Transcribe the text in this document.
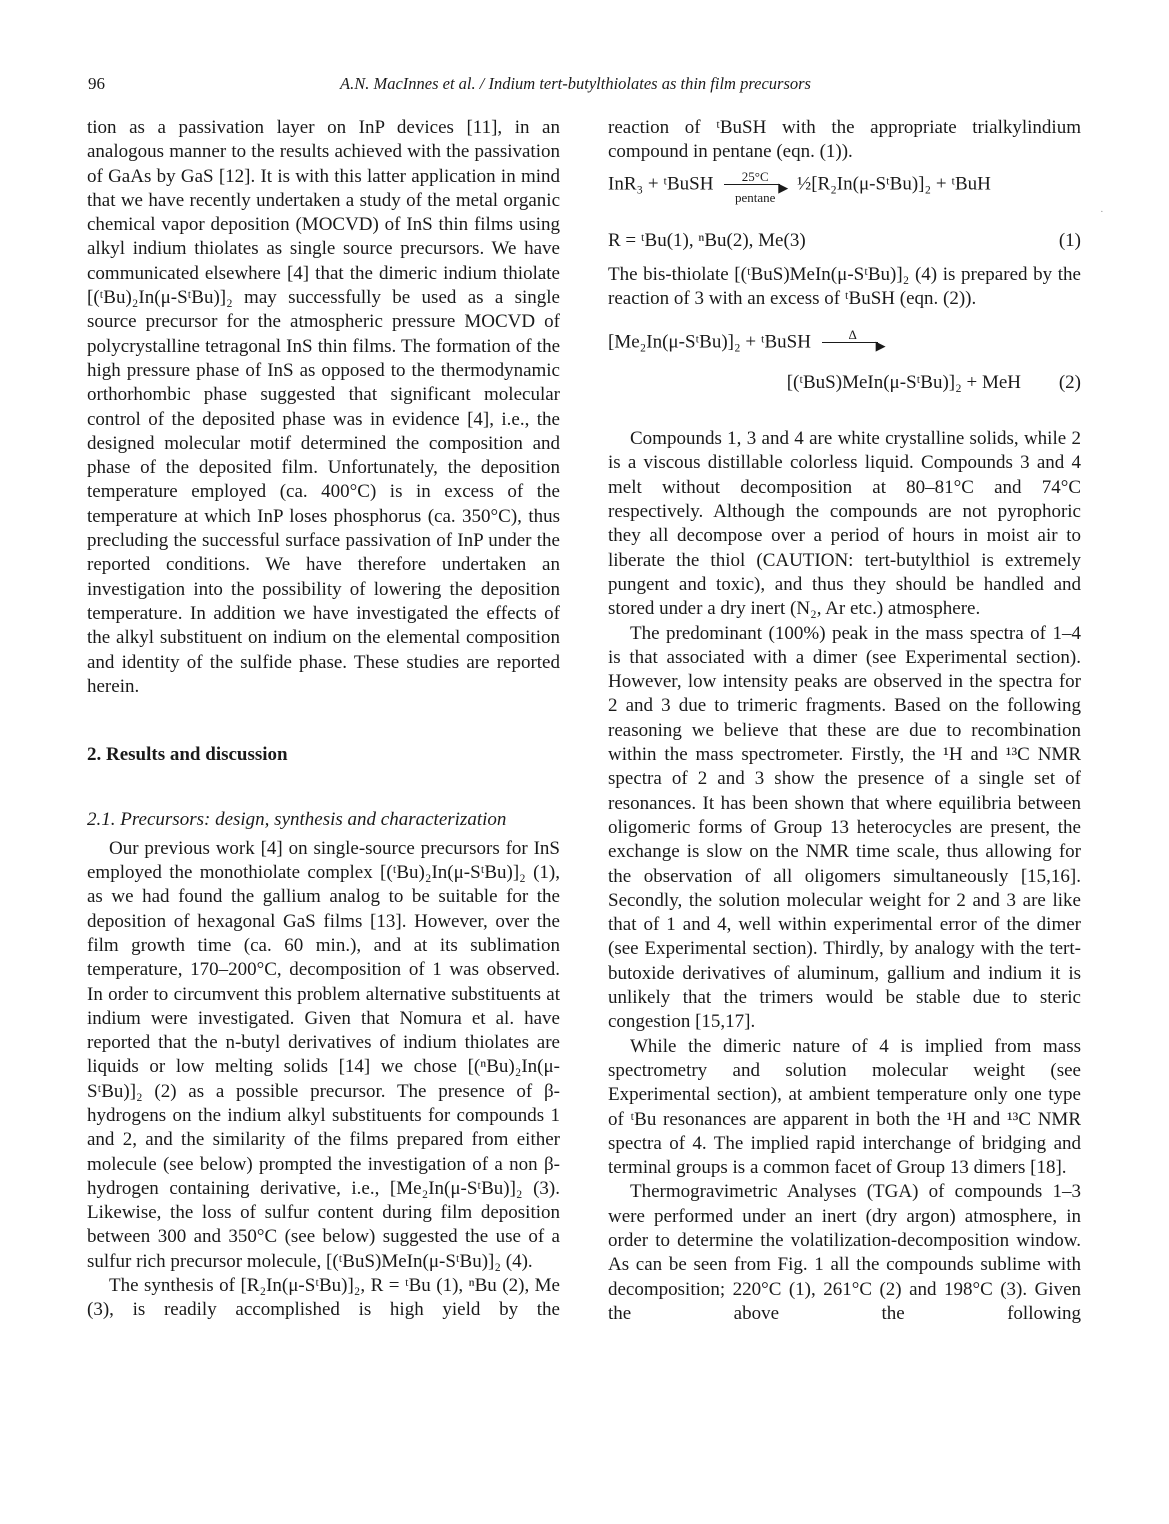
96	A.N. MacInnes et al. / Indium tert-butylthiolates as thin film precursors

tion as a passivation layer on InP devices [11], in an analogous manner to the results achieved with the passivation of GaAs by GaS [12]. It is with this latter application in mind that we have recently undertaken a study of the metal organic chemical vapor deposition (MOCVD) of InS thin films using alkyl indium thiolates as single source precursors. We have communicated elsewhere [4] that the dimeric indium thiolate [(ᵗBu)₂In(μ-SᵗBu)]₂ may successfully be used as a single source precursor for the atmospheric pressure MOCVD of polycrystalline tetragonal InS thin films. The formation of the high pressure phase of InS as opposed to the thermodynamic orthorhombic phase suggested that significant molecular control of the deposited phase was in evidence [4], i.e., the designed molecular motif determined the composition and phase of the deposited film. Unfortunately, the deposition temperature employed (ca. 400°C) is in excess of the temperature at which InP loses phosphorus (ca. 350°C), thus precluding the successful surface passivation of InP under the reported conditions. We have therefore undertaken an investigation into the possibility of lowering the deposition temperature. In addition we have investigated the effects of the alkyl substituent on indium on the elemental composition and identity of the sulfide phase. These studies are reported herein.

2. Results and discussion

2.1. Precursors: design, synthesis and characterization

Our previous work [4] on single-source precursors for InS employed the monothiolate complex [(ᵗBu)₂In(μ-SᵗBu)]₂ (1), as we had found the gallium analog to be suitable for the deposition of hexagonal GaS films [13]. However, over the film growth time (ca. 60 min.), and at its sublimation temperature, 170–200°C, decomposition of 1 was observed. In order to circumvent this problem alternative substituents at indium were investigated. Given that Nomura et al. have reported that the n-butyl derivatives of indium thiolates are liquids or low melting solids [14] we chose [(ⁿBu)₂In(μ-SᵗBu)]₂ (2) as a possible precursor. The presence of β-hydrogens on the indium alkyl substituents for compounds 1 and 2, and the similarity of the films prepared from either molecule (see below) prompted the investigation of a non β-hydrogen containing derivative, i.e., [Me₂In(μ-SᵗBu)]₂ (3). Likewise, the loss of sulfur content during film deposition between 300 and 350°C (see below) suggested the use of a sulfur rich precursor molecule, [(ᵗBuS)MeIn(μ-SᵗBu)]₂ (4).

The synthesis of [R₂In(μ-SᵗBu)]₂, R = ᵗBu (1), ⁿBu (2), Me (3), is readily accomplished is high yield by the

reaction of ᵗBuSH with the appropriate trialkylindium compound in pentane (eqn. (1)).

InR₃ + ᵗBuSH	25°C
▶
pentane
½[R₂In(μ-SᵗBu)]₂ + ᵗBuH
R = ᵗBu(1), ⁿBu(2), Me(3)	(1)

The bis-thiolate [(ᵗBuS)MeIn(μ-SᵗBu)]₂ (4) is prepared by the reaction of 3 with an excess of ᵗBuSH (eqn. (2)).

[Me₂In(μ-SᵗBu)]₂ + ᵗBuSH	Δ
▶
[(ᵗBuS)MeIn(μ-SᵗBu)]₂ + MeH (2)

Compounds 1, 3 and 4 are white crystalline solids, while 2 is a viscous distillable colorless liquid. Compounds 3 and 4 melt without decomposition at 80–81°C and 74°C respectively. Although the compounds are not pyrophoric they all decompose over a period of hours in moist air to liberate the thiol (CAUTION: tert-butylthiol is extremely pungent and toxic), and thus they should be handled and stored under a dry inert (N₂, Ar etc.) atmosphere.

The predominant (100%) peak in the mass spectra of 1–4 is that associated with a dimer (see Experimental section). However, low intensity peaks are observed in the spectra for 2 and 3 due to trimeric fragments. Based on the following reasoning we believe that these are due to recombination within the mass spectrometer. Firstly, the ¹H and ¹³C NMR spectra of 2 and 3 show the presence of a single set of resonances. It has been shown that where equilibria between oligomeric forms of Group 13 heterocycles are present, the exchange is slow on the NMR time scale, thus allowing for the observation of all oligomers simultaneously [15,16]. Secondly, the solution molecular weight for 2 and 3 are like that of 1 and 4, well within experimental error of the dimer (see Experimental section). Thirdly, by analogy with the tert-butoxide derivatives of aluminum, gallium and indium it is unlikely that the trimers would be stable due to steric congestion [15,17].

While the dimeric nature of 4 is implied from mass spectrometry and solution molecular weight (see Experimental section), at ambient temperature only one type of ᵗBu resonances are apparent in both the ¹H and ¹³C NMR spectra of 4. The implied rapid interchange of bridging and terminal groups is a common facet of Group 13 dimers [18].

Thermogravimetric Analyses (TGA) of compounds 1–3 were performed under an inert (dry argon) atmosphere, in order to determine the volatilization-decomposition window. As can be seen from Fig. 1 all the compounds sublime with decomposition; 220°C (1), 261°C (2) and 198°C (3). Given the above the following

·
